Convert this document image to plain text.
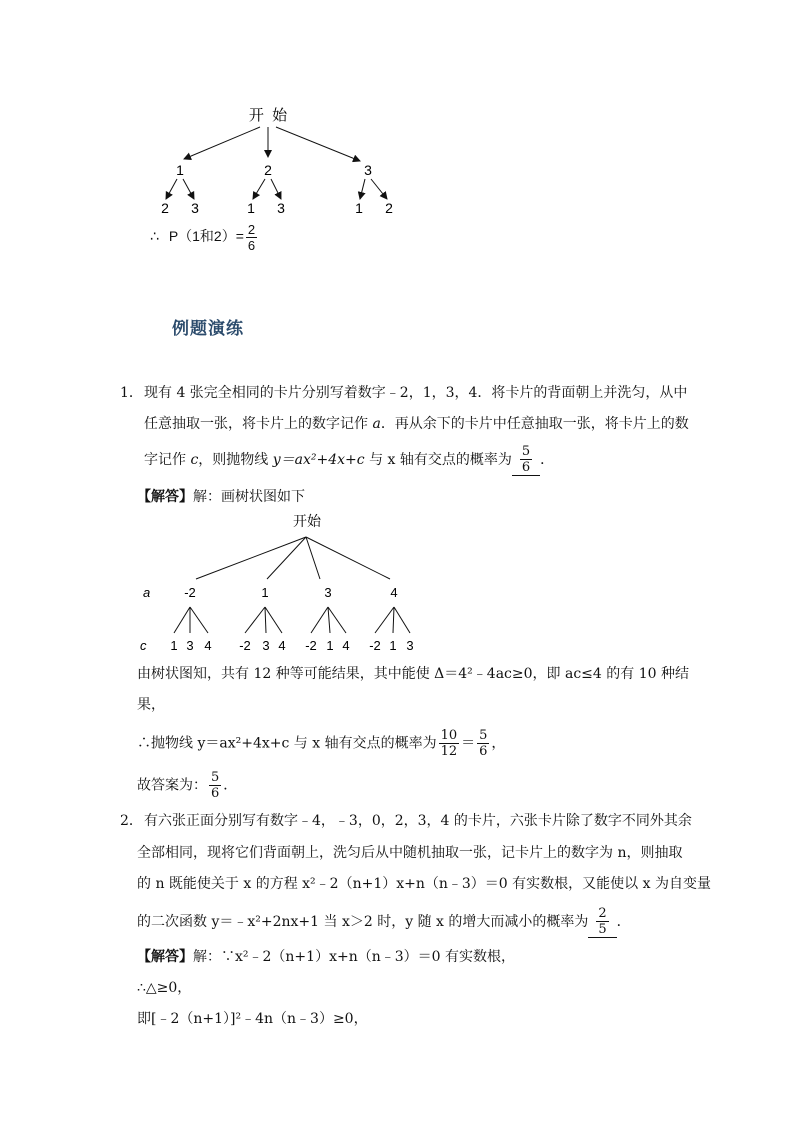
开  始
1	2	3
2 3	1 3	1 2
∴ P（1和$2)= \frac{2}{6}$
例题演练
1． 现有 4 张完全相同的卡片分别写着数字﹣2，1，3，4．将卡片的背面朝上并洗匀，从中
任意抽取一张，将卡片上的数字记作 a．再从余下的卡片中任意抽取一张，将卡片上的数
字记作 c，则抛物线 y＝ax²+4x+c 与 x 轴有交点的概率为 $\frac{5}{6}$ ．
【解答】解：画树状图如下
开始
a	-2	1	3	4
c 1 3 4 -2 3 4 -2 1 4 -2 1 3
由树状图知，共有 12 种等可能结果，其中能使 Δ＝4²﹣4ac≥0，即 ac≤4 的有 10 种结
果，
∴抛物线 y＝ax²+4x+c 与 x 轴有交点的概率为 $\frac{10}{12} = \frac{5}{6}$ ，
故答案为： $\frac{5}{6}$ ．
2． 有六张正面分别写有数字﹣4，﹣3，0，2，3，4 的卡片，六张卡片除了数字不同外其余
全部相同，现将它们背面朝上，洗匀后从中随机抽取一张，记卡片上的数字为 n，则抽取
的 n 既能使关于 x 的方程 x²﹣2（n+1）x+n（n﹣3）＝0 有实数根，又能使以 x 为自变量
的二次函数 y＝﹣x²+2nx+1 当 x＞2 时，y 随 x 的增大而减小的概率为 $\frac{2}{5}$ ．
【解答】解：∵x²﹣2（n+1）x+n（n﹣3）＝0 有实数根，
∴△≥0，
即[﹣2（n+1）]²﹣4n（n﹣3）≥0，
